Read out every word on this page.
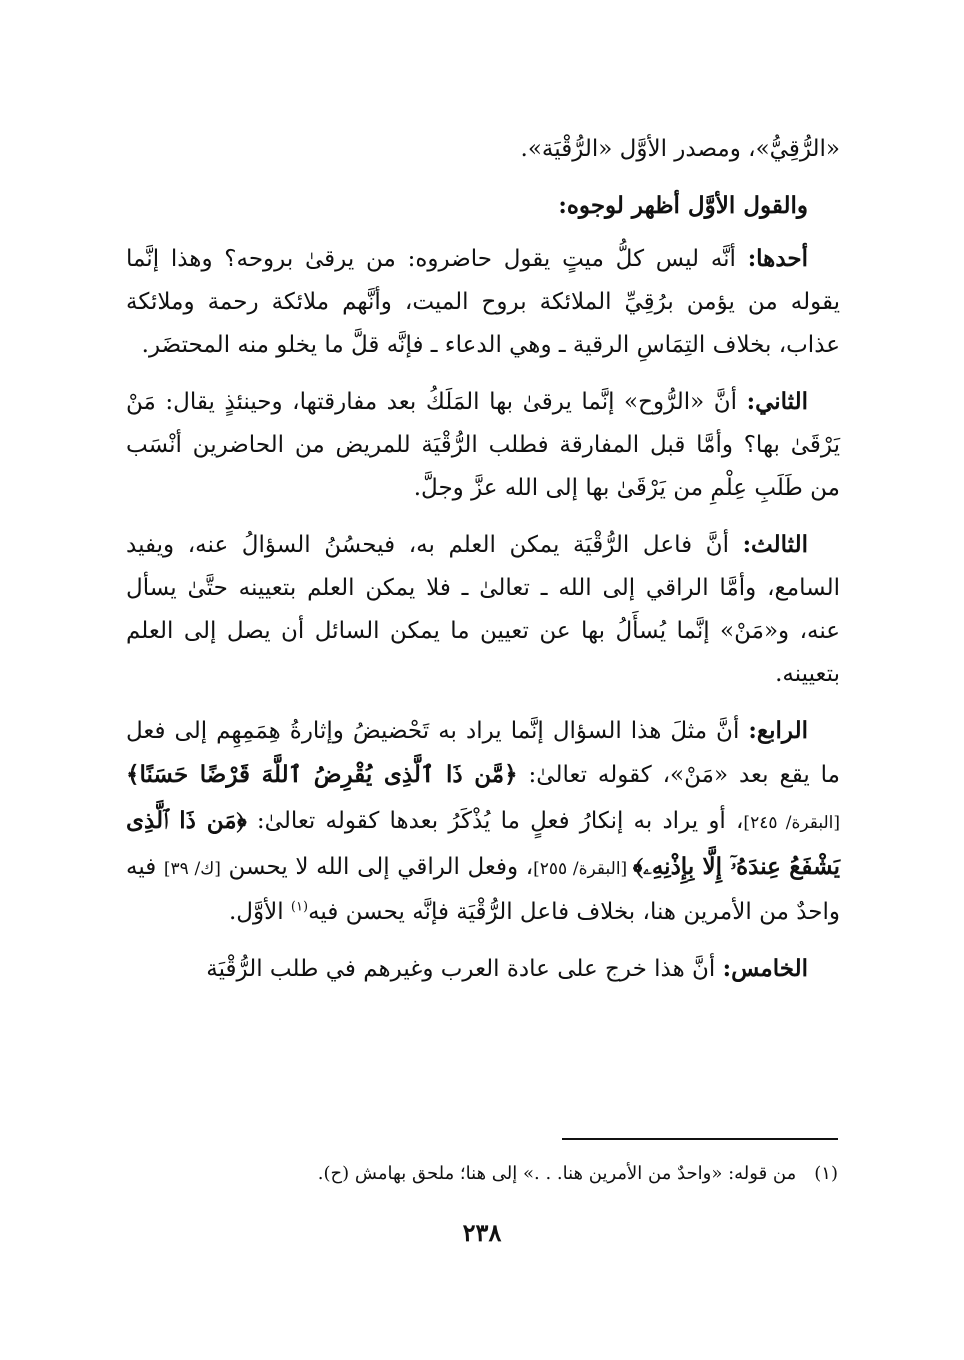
«الرُّقِيُّ»، ومصدر الأوَّل «الرُّقْيَة».

والقول الأوَّل أظهر لوجوه:

أحدها: أنَّه ليس كلُّ ميتٍ يقول حاضروه: من يرقىٰ بروحه؟ وهذا إنَّما يقوله من يؤمن برُقِيِّ الملائكة بروح الميت، وأنَّهم ملائكة رحمة وملائكة عذاب، بخلاف التِمَاسِ الرقية ـ وهي الدعاء ـ فإنَّه قلَّ ما يخلو منه المحتضَر.

الثاني: أنَّ «الرُّوح» إنَّما يرقىٰ بها المَلَكُ بعد مفارقتها، وحينئذٍ يقال: مَنْ يَرْقَىٰ بها؟ وأمَّا قبل المفارقة فطلب الرُّقْيَة للمريض من الحاضرين أنْسَب من طَلَبِ عِلْمِ من يَرْقَىٰ بها إلى الله عزَّ وجلَّ.

الثالث: أنَّ فاعل الرُّقْيَة يمكن العلم به، فيحسُنُ السؤالُ عنه، ويفيد السامع، وأمَّا الراقي إلى الله ـ تعالىٰ ـ فلا يمكن العلم بتعيينه حتَّىٰ يسأل عنه، و«مَنْ» إنَّما يُسأَلُ بها عن تعيين ما يمكن السائل أن يصل إلى العلم بتعيينه.

الرابع: أنَّ مثلَ هذا السؤال إنَّما يراد به تَحْضيضُ وإثارةُ هِمَمِهِم إلى فعل ما يقع بعد «مَنْ»، كقوله تعالىٰ: ﴿مَّن ذَا ٱلَّذِى يُقْرِضُ ٱللَّهَ قَرْضًا حَسَنًا﴾ [البقرة/ ٢٤٥]، أو يراد به إنكارُ فعلٍ ما يُذْكَرُ بعدها كقوله تعالىٰ: ﴿مَن ذَا ٱلَّذِى يَشْفَعُ عِندَهُۥٓ إِلَّا بِإِذْنِهِۦ﴾ [البقرة/ ٢٥٥]، وفعل الراقي إلى الله لا يحسن [ك/ ٣٩] فيه واحدٌ من الأمرين هنا، بخلاف فاعل الرُّقْيَة فإنَّه يحسن فيه$^{(١)}$ الأوَّل.

الخامس: أنَّ هذا خرج على عادة العرب وغيرهم في طلب الرُّقْيَة

(١)من قوله: «واحدٌ من الأمرين هنا. . .» إلى هنا؛ ملحق بهامش (ح).
٢٣٨
